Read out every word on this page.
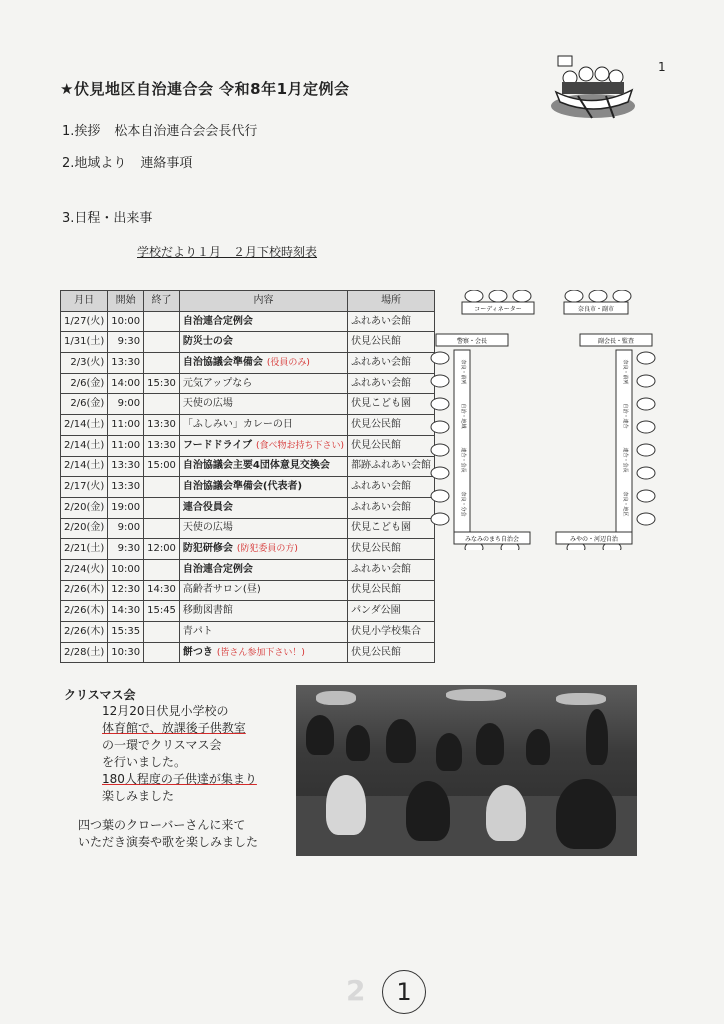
1
★伏見地区自治連合会 令和8年1月定例会
1.挨拶 松本自治連合会会長代行
2.地域より 連絡事項
3.日程・出来事
学校だより１月　２月下校時刻表
月日	開始	終了	内容	場所
1/27(火)	10:00		自治連合定例会	ふれあい会館
1/31(土)	9:30		防災士の会	伏見公民館
2/3(火)	13:30		自治協議会準備会 (役員のみ)	ふれあい会館
2/6(金)	14:00	15:30	元気アップなら	ふれあい会館
2/6(金)	9:00		天使の広場	伏見こども園
2/14(土)	11:00	13:30	「ふしみい」カレーの日	伏見公民館
2/14(土)	11:00	13:30	フードドライブ (食べ物お持ち下さい)	伏見公民館
2/14(土)	13:30	15:00	自治協議会主要4団体意見交換会	都跡ふれあい会館
2/17(火)	13:30		自治協議会準備会(代表者)	ふれあい会館
2/20(金)	19:00		連合役員会	ふれあい会館
2/20(金)	9:00		天使の広場	伏見こども園
2/21(土)	9:30	12:00	防犯研修会 (防犯委員の方)	伏見公民館
2/24(火)	10:00		自治連合定例会	ふれあい会館
2/26(木)	12:30	14:30	高齢者サロン(昼)	伏見公民館
2/26(木)	14:30	15:45	移動図書館	パンダ公園
2/26(木)	15:35		青パト	伏見小学校集合
2/28(土)	10:30		餅つき (皆さん参加下さい！)	伏見公民館
コーディネーター	奈良市・副市
警察・会長	副会長・監査
奈良・前列
自治・地域
連合・会長
奈良・分会
奈良・前列
自治・連合
連合・会長
奈良・地区
みなみのまち自治会	みやの・河辺自治
クリスマス会
12月20日伏見小学校の
体育館で、放課後子供教室
の一環でクリスマス会
を行いました。
180人程度の子供達が集まり
楽しみました
四つ葉のクローバーさんに来て
いただき演奏や歌を楽しみました
2	1
